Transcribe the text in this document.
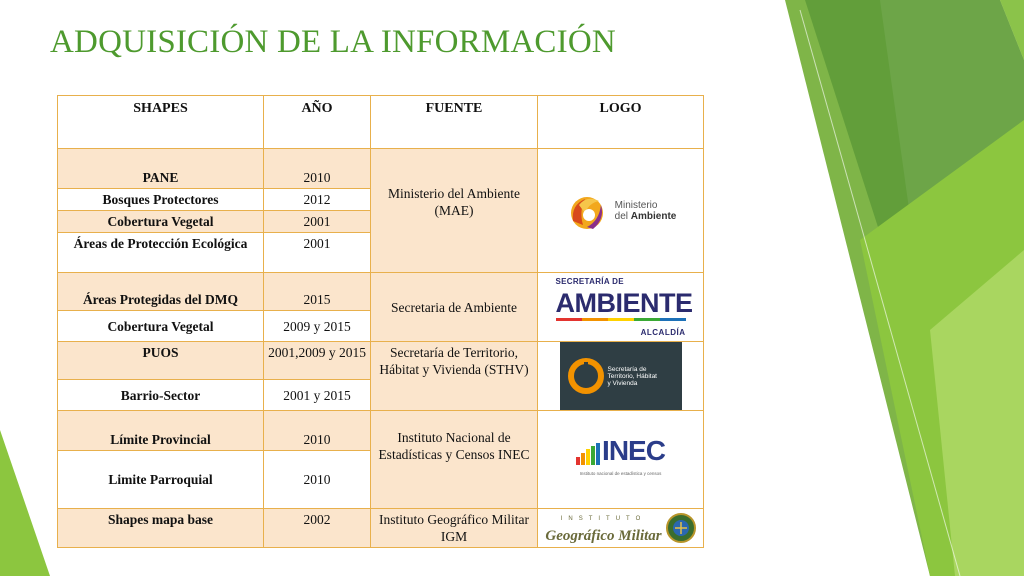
ADQUISICIÓN DE LA INFORMACIÓN
SHAPES	AÑO	FUENTE	LOGO
PANE	2010	Ministerio del Ambiente (MAE)	Ministerio
del Ambiente

Bosques Protectores	2012		
Cobertura Vegetal	2001		
Áreas de Protección Ecológica	2001		
Áreas Protegidas del DMQ	2015	Secretaria de Ambiente	SECRETARÍA DE
AMBIENTE
ALCALDÍA

Cobertura Vegetal	2009 y 2015		
PUOS	2001,2009 y 2015	Secretaría de Territorio, Hábitat y Vivienda (STHV)	Secretaría de
Territorio, Hábitat
y Vivienda

Barrio-Sector	2001 y 2015		
Límite Provincial	2010	Instituto Nacional de Estadísticas y Censos INEC	INEC
Instituto nacional de estadística y censos

Limite Parroquial	2010		
Shapes mapa base	2002	Instituto Geográfico Militar IGM	INSTITUTO
Geográfico Militar
